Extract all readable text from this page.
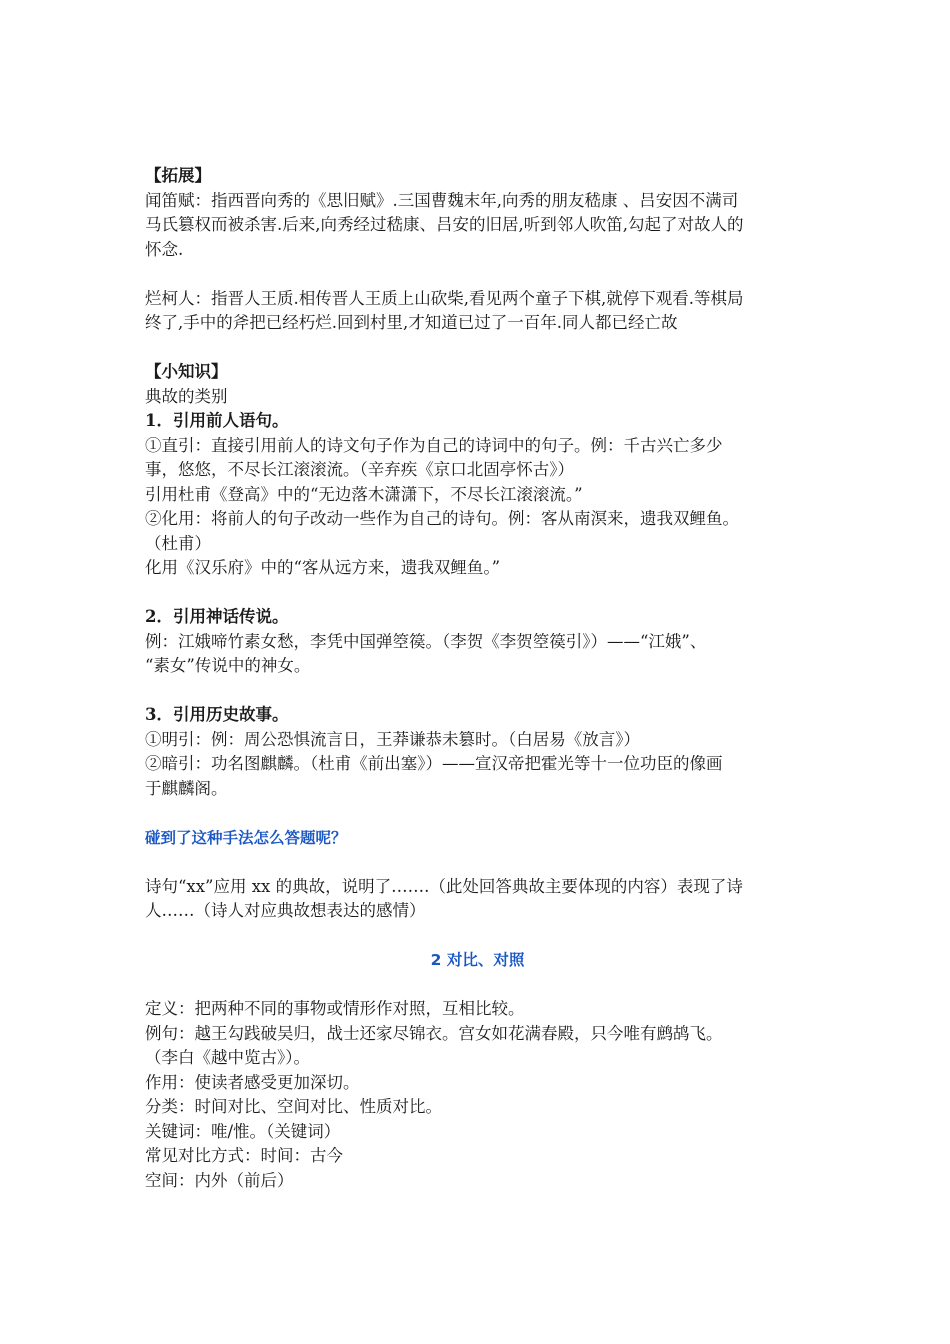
【拓展】
闻笛赋：指西晋向秀的《思旧赋》.三国曹魏末年,向秀的朋友嵇康 、吕安因不满司
马氏篡权而被杀害.后来,向秀经过嵇康、吕安的旧居,听到邻人吹笛,勾起了对故人的
怀念.
烂柯人：指晋人王质.相传晋人王质上山砍柴,看见两个童子下棋,就停下观看.等棋局
终了,手中的斧把已经朽烂.回到村里,才知道已过了一百年.同人都已经亡故
【小知识】
典故的类别
1．引用前人语句。
①直引：直接引用前人的诗文句子作为自己的诗词中的句子。例：千古兴亡多少
事，悠悠，不尽长江滚滚流。（辛弃疾《京口北固亭怀古》）
引用杜甫《登高》中的“无边落木潇潇下，不尽长江滚滚流。”
②化用：将前人的句子改动一些作为自己的诗句。例：客从南溟来，遗我双鲤鱼。
（杜甫）
化用《汉乐府》中的“客从远方来，遗我双鲤鱼。”
2．引用神话传说。
例：江娥啼竹素女愁，李凭中国弹箜篌。（李贺《李贺箜篌引》）——“江娥”、
“素女”传说中的神女。
3．引用历史故事。
①明引：例：周公恐惧流言日，王莽谦恭未篡时。（白居易《放言》）
②暗引：功名图麒麟。（杜甫《前出塞》）——宣汉帝把霍光等十一位功臣的像画
于麒麟阁。
碰到了这种手法怎么答题呢？
诗句“xx”应用 xx 的典故，说明了…….（此处回答典故主要体现的内容）表现了诗
人……（诗人对应典故想表达的感情）
2 对比、对照
定义：把两种不同的事物或情形作对照，互相比较。
例句：越王勾践破吴归，战士还家尽锦衣。宫女如花满春殿，只今唯有鹧鸪飞。
（李白《越中览古》）。
作用：使读者感受更加深切。
分类：时间对比、空间对比、性质对比。
关键词：唯/惟。（关键词）
常见对比方式：时间：古今
空间：内外（前后）
